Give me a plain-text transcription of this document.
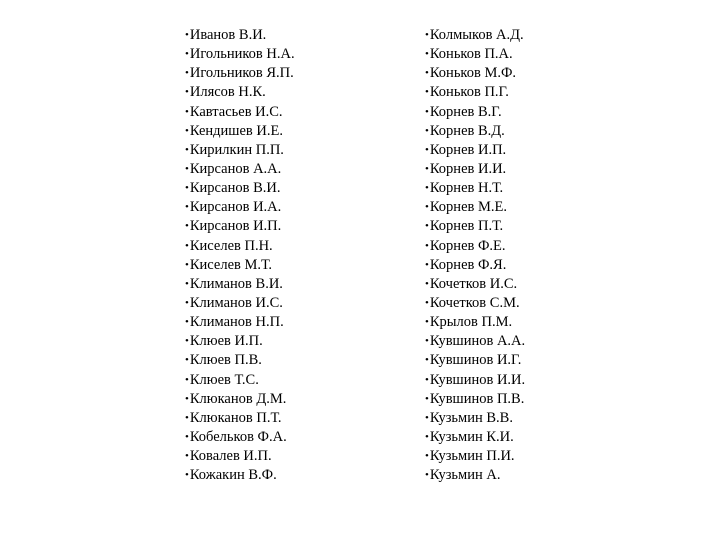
• Иванов В.И.
• Игольников Н.А.
• Игольников Я.П.
• Илясов Н.К.
• Кавтасьев И.С.
• Кендишев И.Е.
• Кирилкин П.П.
• Кирсанов А.А.
• Кирсанов В.И.
• Кирсанов И.А.
• Кирсанов И.П.
• Киселев П.Н.
• Киселев М.Т.
• Климанов В.И.
• Климанов И.С.
• Климанов Н.П.
• Клюев И.П.
• Клюев П.В.
• Клюев Т.С.
• Клюканов Д.М.
• Клюканов П.Т.
• Кобельков Ф.А.
• Ковалев И.П.
• Кожакин В.Ф.
• Колмыков А.Д.
• Коньков П.А.
• Коньков М.Ф.
• Коньков П.Г.
• Корнев В.Г.
• Корнев В.Д.
• Корнев И.П.
• Корнев И.И.
• Корнев Н.Т.
• Корнев М.Е.
• Корнев П.Т.
• Корнев Ф.Е.
• Корнев Ф.Я.
• Кочетков И.С.
• Кочетков С.М.
• Крылов П.М.
• Кувшинов А.А.
• Кувшинов И.Г.
• Кувшинов И.И.
• Кувшинов П.В.
• Кузьмин В.В.
• Кузьмин К.И.
• Кузьмин П.И.
• Кузьмин А.
